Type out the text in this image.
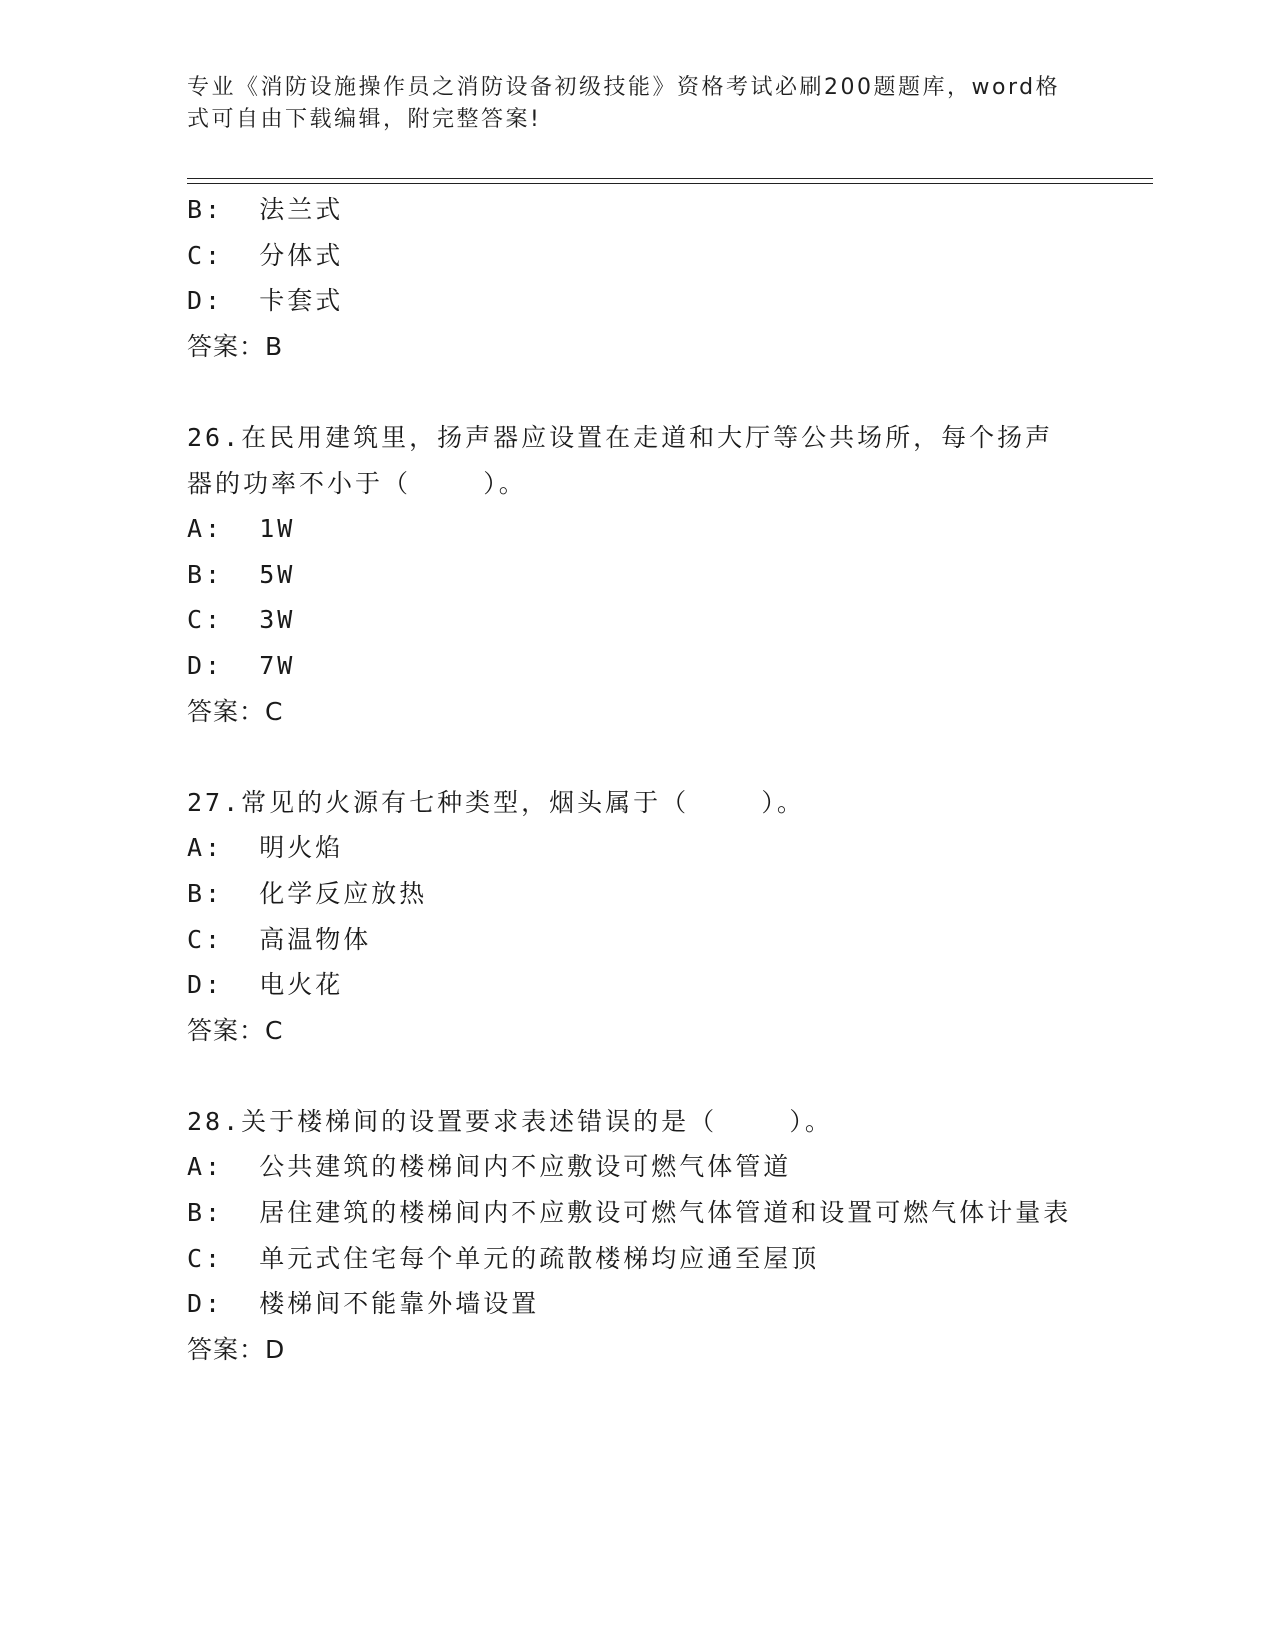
专业《消防设施操作员之消防设备初级技能》资格考试必刷200题题库，word格
式可自由下载编辑，附完整答案!
B:  法兰式
C:  分体式
D:  卡套式
答案：B
26.在民用建筑里，扬声器应设置在走道和大厅等公共场所，每个扬声
器的功率不小于（    ）。
A:  1W
B:  5W
C:  3W
D:  7W
答案：C
27.常见的火源有七种类型，烟头属于（    ）。
A:  明火焰
B:  化学反应放热
C:  高温物体
D:  电火花
答案：C
28.关于楼梯间的设置要求表述错误的是（    ）。
A:  公共建筑的楼梯间内不应敷设可燃气体管道
B:  居住建筑的楼梯间内不应敷设可燃气体管道和设置可燃气体计量表
C:  单元式住宅每个单元的疏散楼梯均应通至屋顶
D:  楼梯间不能靠外墙设置
答案：D
